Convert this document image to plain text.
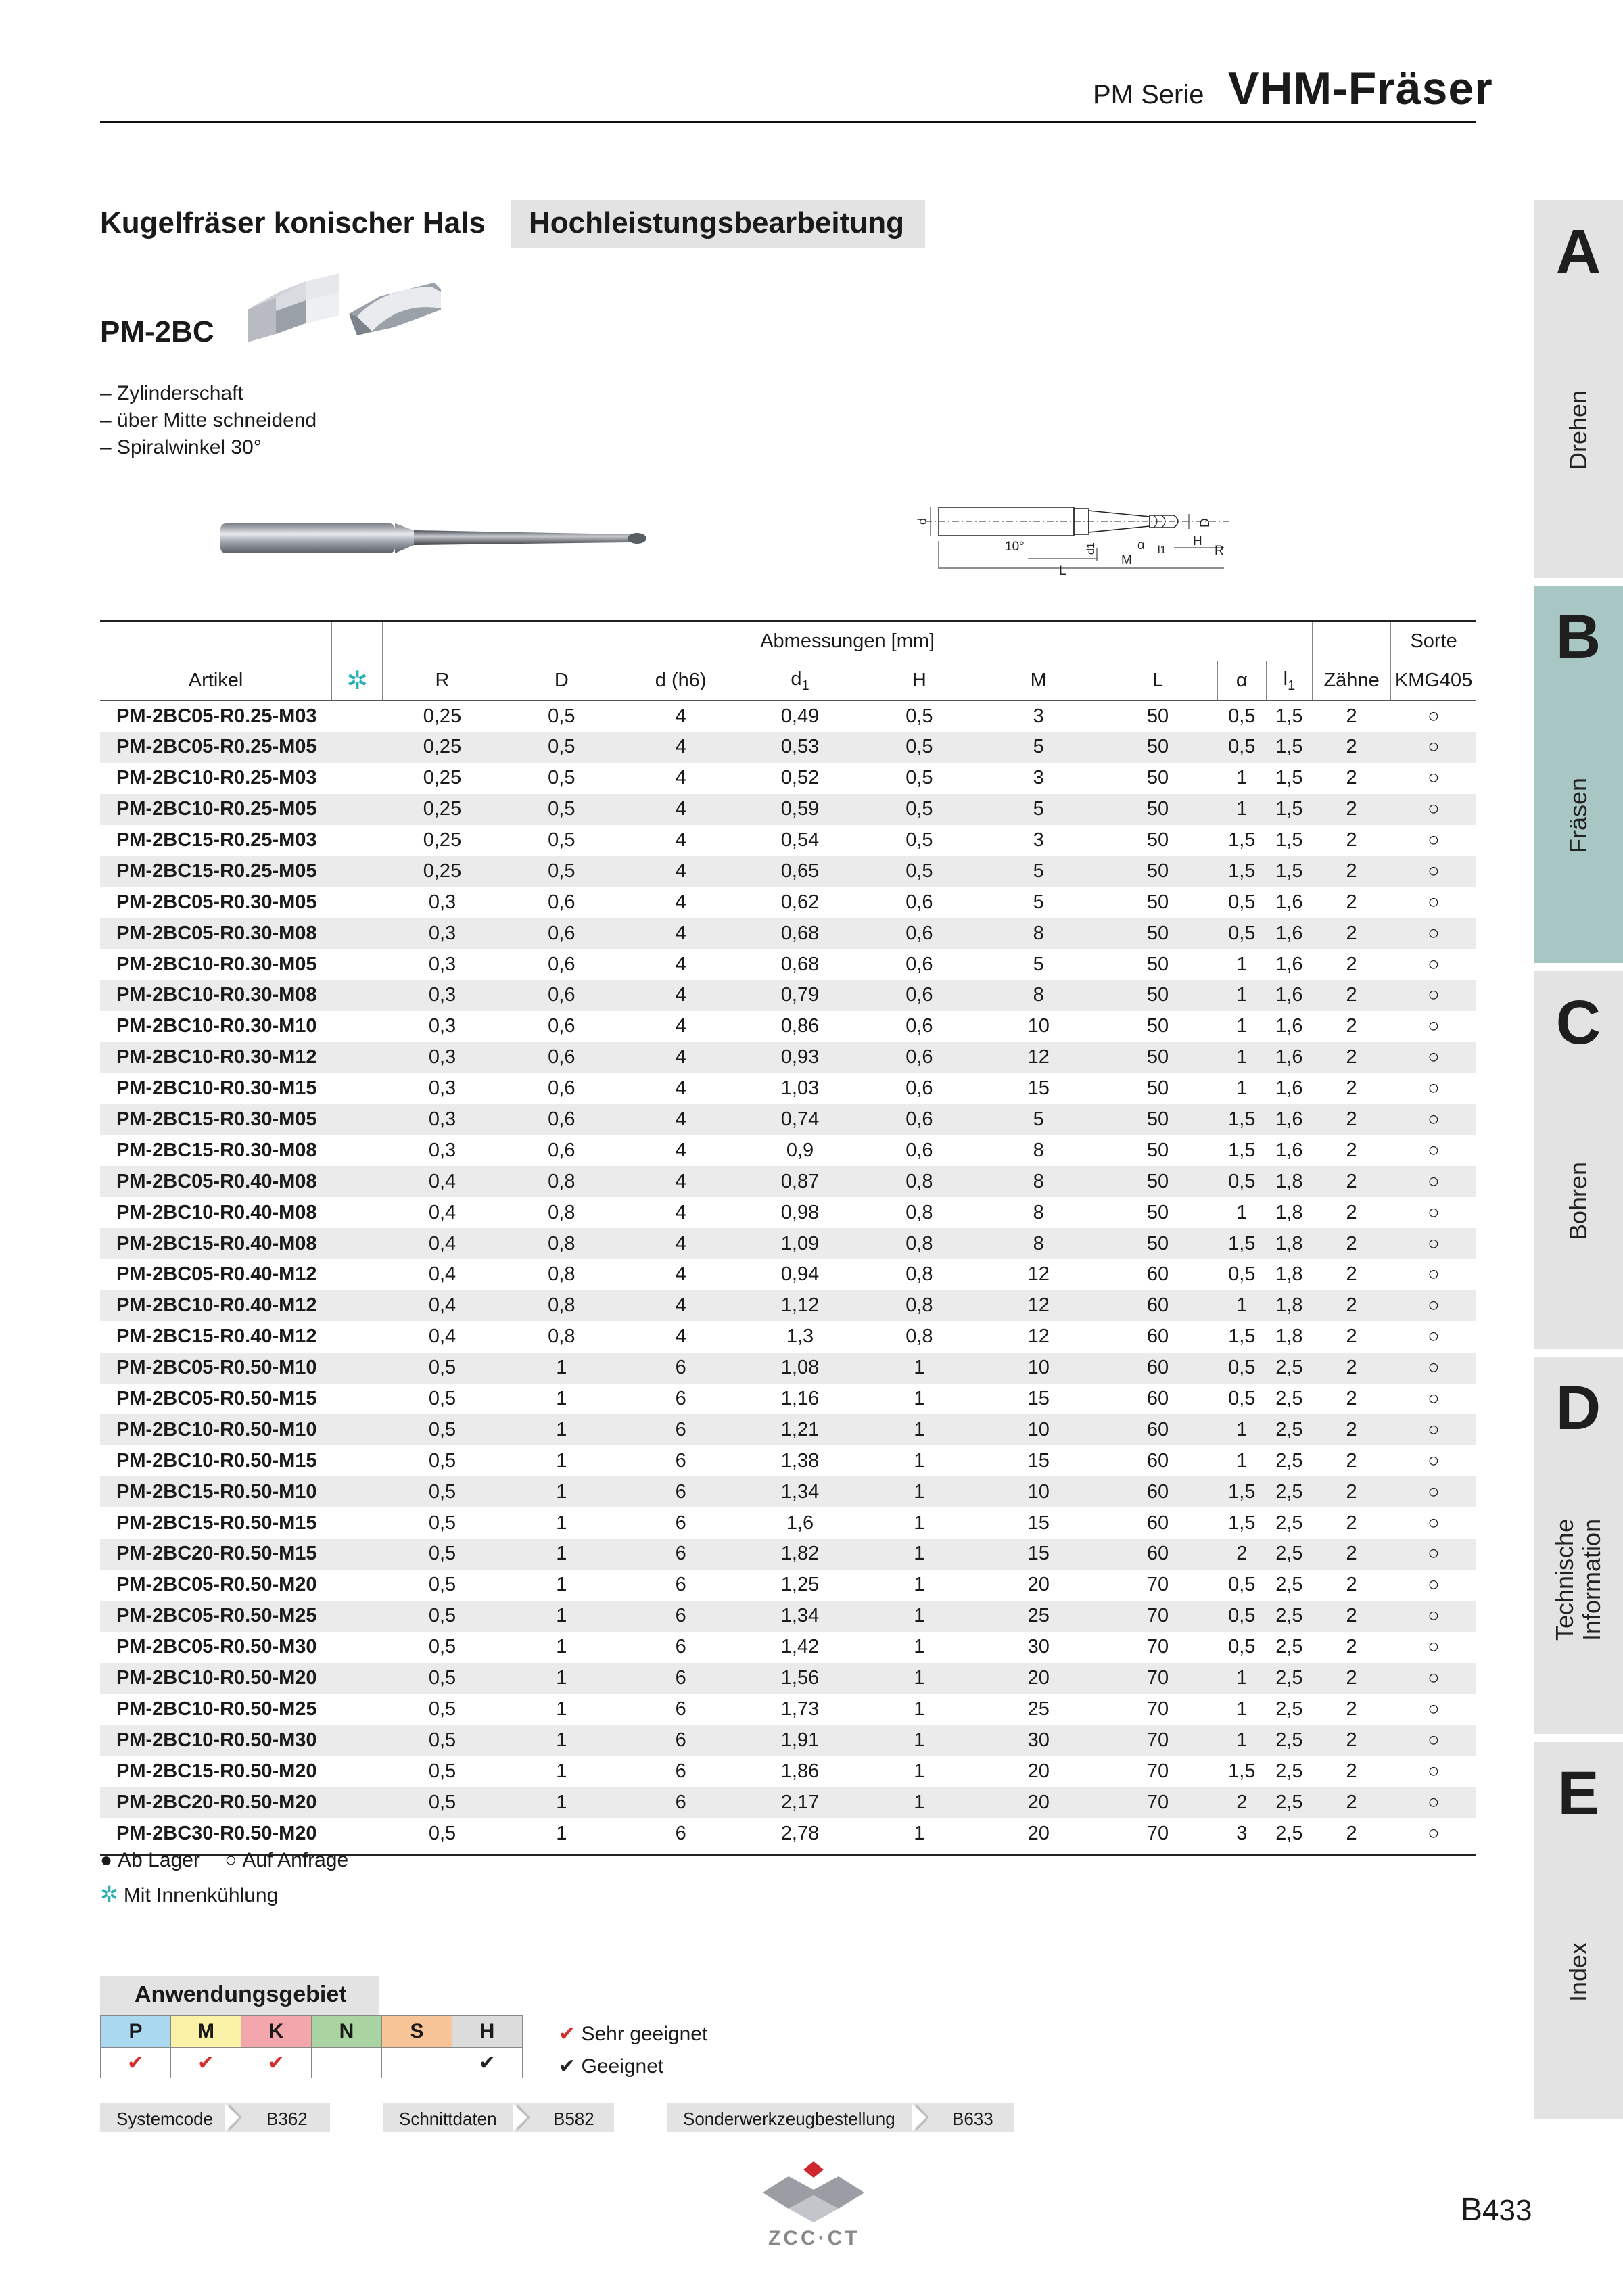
PM Serie VHM-Fräser
Kugelfräser konischer Hals Hochleistungsbearbeitung
PM-2BC
– Zylinderschaft
– über Mitte schneidend
– Spiralwinkel 30°
d
10°	d1	α l1
H
D
R
M
L
		Abmessungen [mm]										Sorte
Artikel	✲	R	D	d (h6)	$d_1$	H	M	L	α	$l_1$	Zähne	KMG405
PM-2BC05-R0.25-M03		0,25	0,5	4	0,49	0,5	3	50	0,5	1,5	2	○
PM-2BC05-R0.25-M05		0,25	0,5	4	0,53	0,5	5	50	0,5	1,5	2	○
PM-2BC10-R0.25-M03		0,25	0,5	4	0,52	0,5	3	50	1	1,5	2	○
PM-2BC10-R0.25-M05		0,25	0,5	4	0,59	0,5	5	50	1	1,5	2	○
PM-2BC15-R0.25-M03		0,25	0,5	4	0,54	0,5	3	50	1,5	1,5	2	○
PM-2BC15-R0.25-M05		0,25	0,5	4	0,65	0,5	5	50	1,5	1,5	2	○
PM-2BC05-R0.30-M05		0,3	0,6	4	0,62	0,6	5	50	0,5	1,6	2	○
PM-2BC05-R0.30-M08		0,3	0,6	4	0,68	0,6	8	50	0,5	1,6	2	○
PM-2BC10-R0.30-M05		0,3	0,6	4	0,68	0,6	5	50	1	1,6	2	○
PM-2BC10-R0.30-M08		0,3	0,6	4	0,79	0,6	8	50	1	1,6	2	○
PM-2BC10-R0.30-M10		0,3	0,6	4	0,86	0,6	10	50	1	1,6	2	○
PM-2BC10-R0.30-M12		0,3	0,6	4	0,93	0,6	12	50	1	1,6	2	○
PM-2BC10-R0.30-M15		0,3	0,6	4	1,03	0,6	15	50	1	1,6	2	○
PM-2BC15-R0.30-M05		0,3	0,6	4	0,74	0,6	5	50	1,5	1,6	2	○
PM-2BC15-R0.30-M08		0,3	0,6	4	0,9	0,6	8	50	1,5	1,6	2	○
PM-2BC05-R0.40-M08		0,4	0,8	4	0,87	0,8	8	50	0,5	1,8	2	○
PM-2BC10-R0.40-M08		0,4	0,8	4	0,98	0,8	8	50	1	1,8	2	○
PM-2BC15-R0.40-M08		0,4	0,8	4	1,09	0,8	8	50	1,5	1,8	2	○
PM-2BC05-R0.40-M12		0,4	0,8	4	0,94	0,8	12	60	0,5	1,8	2	○
PM-2BC10-R0.40-M12		0,4	0,8	4	1,12	0,8	12	60	1	1,8	2	○
PM-2BC15-R0.40-M12		0,4	0,8	4	1,3	0,8	12	60	1,5	1,8	2	○
PM-2BC05-R0.50-M10		0,5	1	6	1,08	1	10	60	0,5	2,5	2	○
PM-2BC05-R0.50-M15		0,5	1	6	1,16	1	15	60	0,5	2,5	2	○
PM-2BC10-R0.50-M10		0,5	1	6	1,21	1	10	60	1	2,5	2	○
PM-2BC10-R0.50-M15		0,5	1	6	1,38	1	15	60	1	2,5	2	○
PM-2BC15-R0.50-M10		0,5	1	6	1,34	1	10	60	1,5	2,5	2	○
PM-2BC15-R0.50-M15		0,5	1	6	1,6	1	15	60	1,5	2,5	2	○
PM-2BC20-R0.50-M15		0,5	1	6	1,82	1	15	60	2	2,5	2	○
PM-2BC05-R0.50-M20		0,5	1	6	1,25	1	20	70	0,5	2,5	2	○
PM-2BC05-R0.50-M25		0,5	1	6	1,34	1	25	70	0,5	2,5	2	○
PM-2BC05-R0.50-M30		0,5	1	6	1,42	1	30	70	0,5	2,5	2	○
PM-2BC10-R0.50-M20		0,5	1	6	1,56	1	20	70	1	2,5	2	○
PM-2BC10-R0.50-M25		0,5	1	6	1,73	1	25	70	1	2,5	2	○
PM-2BC10-R0.50-M30		0,5	1	6	1,91	1	30	70	1	2,5	2	○
PM-2BC15-R0.50-M20		0,5	1	6	1,86	1	20	70	1,5	2,5	2	○
PM-2BC20-R0.50-M20		0,5	1	6	2,17	1	20	70	2	2,5	2	○
PM-2BC30-R0.50-M20		0,5	1	6	2,78	1	20	70	3	2,5	2	○
● Ab Lager ○ Auf Anfrage
✲ Mit Innenkühlung
Anwendungsgebiet
P	M	K	N	S	H
✔	✔	✔			✔
✔ Sehr geeignet
✔ Geeignet
Systemcode	B362	Schnittdaten	B582	Sonderwerkzeugbestellung	B633
A
Drehen
B
Fräsen
C
Bohren
D
Technische Information
E
Index
ZCC·CT
B433
